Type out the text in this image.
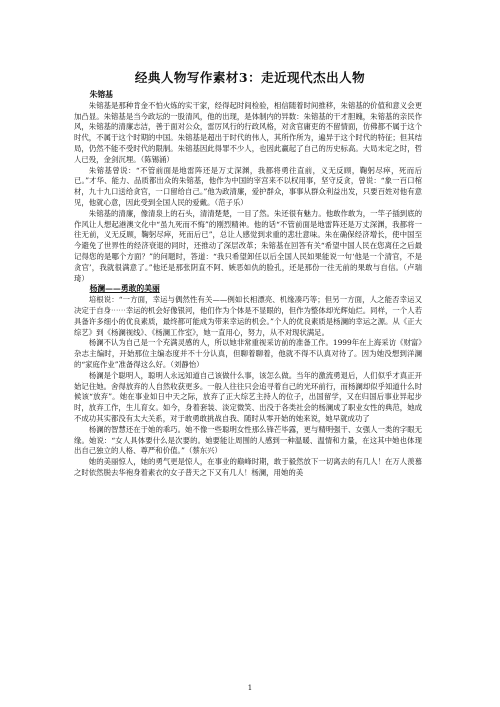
经典人物写作素材3：走近现代杰出人物

朱镕基

朱镕基是那种肯金不怕火炼的实干家，经得起时间检验，相信随着时间推移，朱镕基的价值和意义会更加凸显。朱镕基是当今政坛的一股清风，他的出现，是体制内的异数：朱镕基的干才胆魄，朱镕基的亲民作风，朱镕基的清廉志洁，善于面对公众，雷厉风行的行政风格，对贪官庸吏的不留情面，仿佛都不属于这个时代，不属于这个时期的中国。朱镕基是超出于时代的伟人，其所作所为，遍异于这个时代的特征；但其结局，仍然不能不受时代的限制。朱镕基因此得罪不少人，也因此赢起了自己的历史标高。大局未定之时，哲人已殁，金剑沉埋。（陈锡涌）

朱镕基曾说：“不管前面是地雷阵还是万丈深渊，我都将勇往直前，义无反顾，鞠躬尽瘁，死而后已。”才华、能力、品质都出众的朱镕基，他作为中国的宰宫来不以权用事，坚守反贪，曾说：“象一百口棺材，九十九口送给贪官，一口留给自己。”他为政清廉，爱护群众，事事从群众利益出发，只要百姓对他有意见，他就心意，因此受到全国人民的爱戴。（范子乐）

朱镕基的清廉，像清泉上的石头，清清楚楚，一目了然。朱还很有魅力。他敢作敢为，一竿子插到底的作风让人想起港澳文化中“虽九死而不悔”的刚烈精神。他的话“不管前面是地雷阵还是万丈深渊，我都将一往无前，义无反顾，鞠躬尽瘁，死而后已”，总让人感觉到求重的悲壮意味。朱在确保经济增长，使中国至今避免了世界性的经济衰退的同时，还推动了深层改革；朱镕基在回答有关“希望中国人民在您离任之后最记得您的是哪个方面？”的问题时，答道：“我只希望卸任以后全国人民如果能说一句‘他是一个清官，不是贪官’，我就很满意了。”他还是那张阴直不阿、嫉恶如仇的脸孔，还是那份一往无前的果敢与自信。（卢瑞琦）

杨澜——勇敢的美丽

培根说：“一方面，幸运与偶然性有关——例如长相漂亮、机缘凑巧等；但另一方面，人之能否幸运又决定于自身⋯⋯幸运的机会好像银河，他们作为个体是不显眼的，但作为整体却光辉灿烂。同样，一个人若具备许多细小的优良素质，最终都可能成为带来幸运的机会。”个人的优良素质是杨澜的幸运之源。从《正大综艺》到《杨澜视线》、《杨澜工作室》，她一直用心，努力，从不对现状满足。

杨澜不认为自己是一个充满灵感的人，所以她非常重视采访前的准备工作。1999年在上海采访《财富》杂志主编时，开始那位主编态度并不十分认真，但聊着聊着，他就不得不认真对待了。因为她没想到洋澜的“家庭作业”准备得这么好。（刘静怡）

杨澜是个聪明人，聪明人永远知道自己该做什么事，该怎么做。当年的激流勇退后，人们似乎才真正开始记住她。舍得放弃的人自然收获更多。一般人往往只会追寻着自己的光环前行，而杨澜却似乎知道什么时候该“放弃”。她在事业如日中天之际，放弃了正大综艺主持人的位子，出国留学，又在归国后事业异起步时，放弃工作，生儿育女。如今，身着套装、淡定微笑、出没于各类社会的杨澜成了职业女性的典范，她成不成功其实都没有太大关系，对于敢勇敢挑战自我、随时从零开始的她来说，她早就成功了

杨澜的智慧还在于她的乖巧。她不像一些聪明女性那么锋芒毕露，更与精明强干、女强人一类的字眼无缘。她说：“女人具体要什么是次要的。她要能让周围的人感到一种温暖、温情和力量，在这其中她也体现出自己独立的人格、尊严和价值。”（蔡东兴）

她的美丽惊人，她的勇气更是惊人，在事业的巅峰时期，敢于毅然放下一切离去的有几人！在万人羡慕之时依然脱去华袍身着素衣的女子普天之下又有几人！杨澜，用她的美

1
